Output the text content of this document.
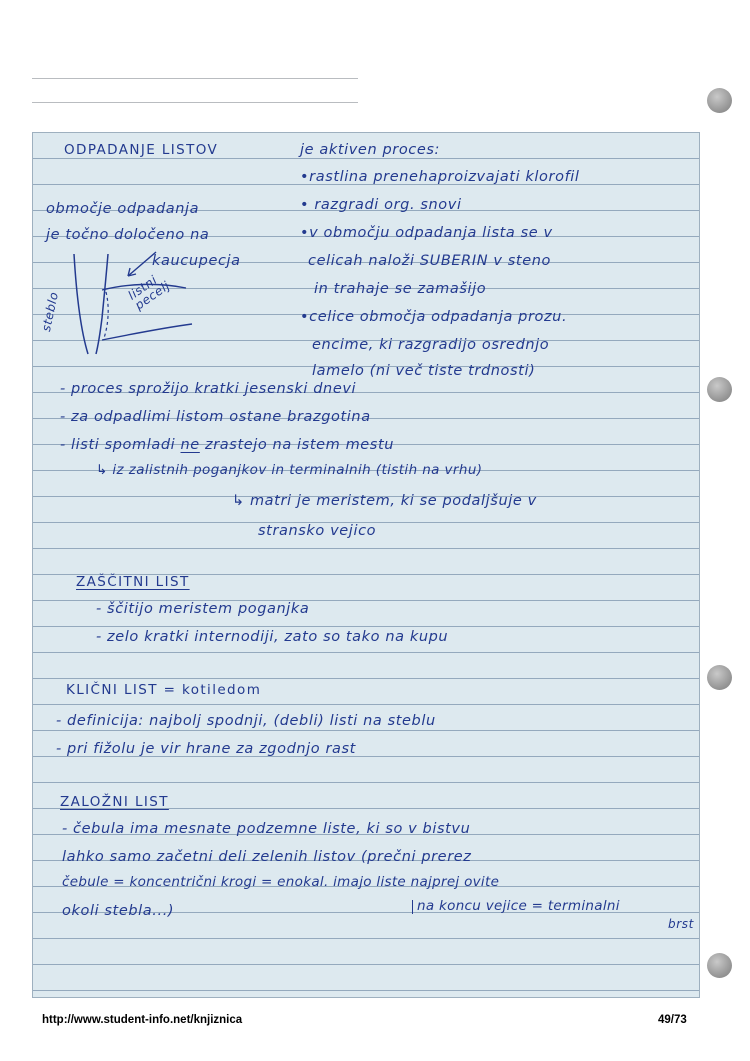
ODPADANJE LISTOV	je aktiven proces:
•rastlina prenehaproizvajati klorofil
območje odpadanja	• razgradi org. snovi
je točno določeno na	•v območju odpadanja lista se v
kaucupecja	celicah naloži SUBERIN v steno
in trahaje se zamašijo
•celice območja odpadanja prozu.
encime, ki razgradijo osrednjo
lamelo (ni več tiste trdnosti)
steblo
listni pecelj
- proces sprožijo kratki jesenski dnevi
- za odpadlimi listom ostane brazgotina
- listi spomladi ne zrastejo na istem mestu
↳ iz zalistnih poganjkov in terminalnih (tistih na vrhu)
↳ matri je meristem, ki se podaljšuje v
stransko vejico
ZAŠČITNI LIST
- ščitijo meristem poganjka
- zelo kratki internodiji, zato so tako na kupu
KLIČNI LIST = kotiledom
- definicija: najbolj spodnji, (debli) listi na steblu
- pri fižolu je vir hrane za zgodnjo rast
ZALOŽNI LIST
- čebula ima mesnate podzemne liste, ki so v bistvu
lahko samo začetni deli zelenih listov (prečni prerez
čebule = koncentrični krogi = enokal. imajo liste najprej ovite
okoli stebla...)	na koncu vejice = terminalni
brst
http://www.student-info.net/knjiznica	49/73
